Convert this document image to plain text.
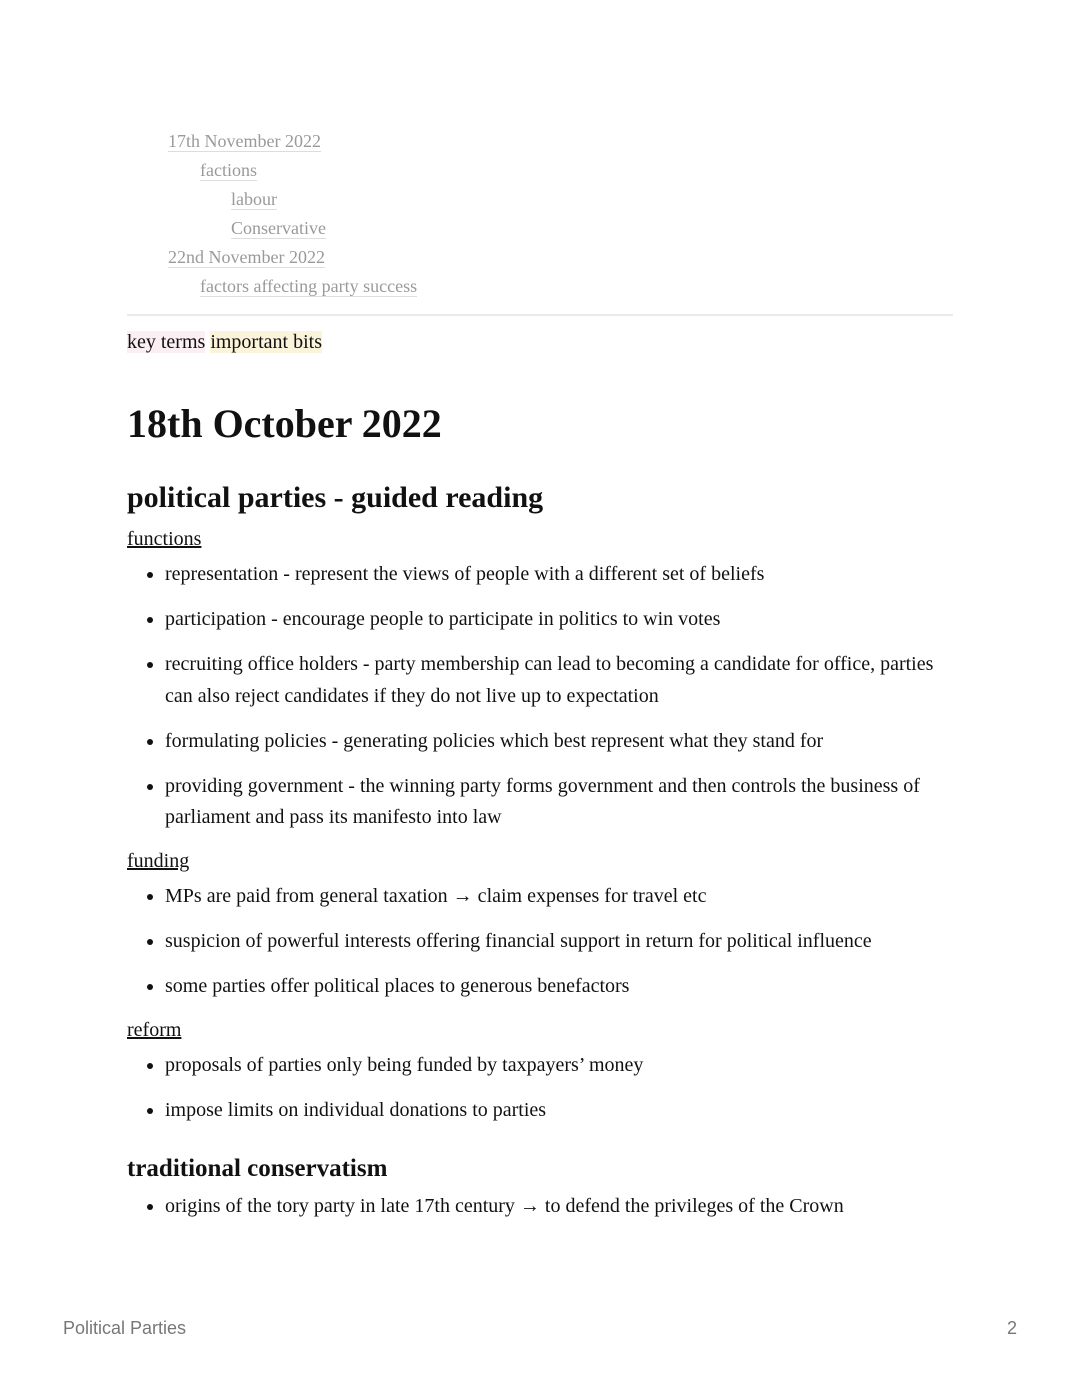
17th November 2022
factions
labour
Conservative
22nd November 2022
factors affecting party success
key terms important bits
18th October 2022
political parties - guided reading
functions
• representation - represent the views of people with a different set of beliefs
• participation - encourage people to participate in politics to win votes
• recruiting office holders - party membership can lead to becoming a candidate for office, parties can also reject candidates if they do not live up to expectation
• formulating policies - generating policies which best represent what they stand for
• providing government - the winning party forms government and then controls the business of parliament and pass its manifesto into law
funding
• MPs are paid from general taxation → claim expenses for travel etc
• suspicion of powerful interests offering financial support in return for political influence
• some parties offer political places to generous benefactors
reform
• proposals of parties only being funded by taxpayers’ money
• impose limits on individual donations to parties
traditional conservatism
• origins of the tory party in late 17th century → to defend the privileges of the Crown
Political Parties	2
